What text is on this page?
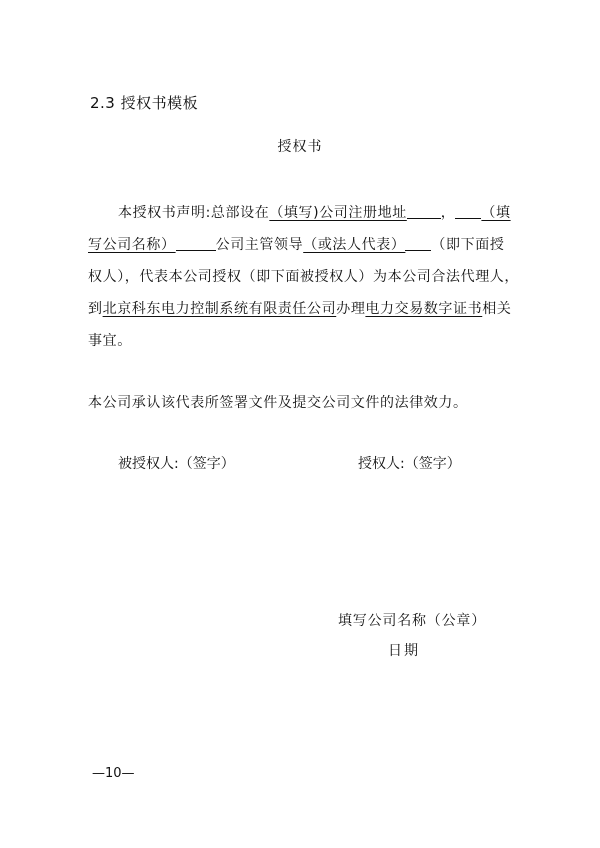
2.3 授权书模板
授权书
本授权书声明:总部设在（填写)公司注册地址 ， （填
写公司名称）	公司主管领导（或法人代表） （即下面授
权人），代表本公司授权（即下面被授权人）为本公司合法代理人，
到北京科东电力控制系统有限责任公司办理电力交易数字证书相关
事宜。
本公司承认该代表所签署文件及提交公司文件的法律效力。
被授权人:（签字）	授权人:（签字）
填写公司名称（公章）
日期
—10—
